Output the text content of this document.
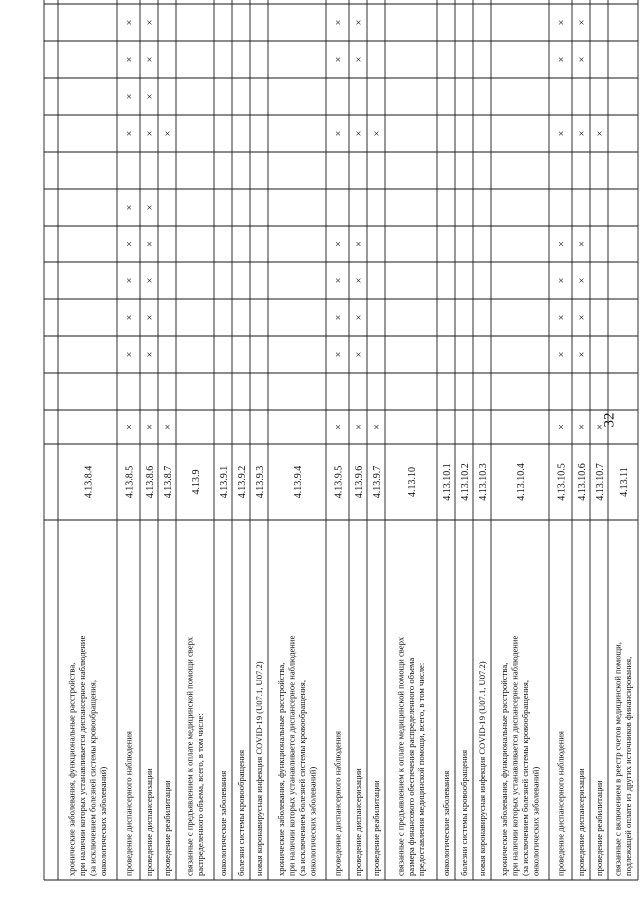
32
хронические заболевания, функциональные расстройства, при наличии которых устанавливается диспансерное наблюдение (за исключением болезней системы кровообращения, онкологических заболеваний)
4.13.8.4
проведение диспансерного наблюдения
4.13.8.5
×
×
×
×
×
×
×
×
×
×
проведение диспансеризации
4.13.8.6
×
×
×
×
×
×
×
×
×
×
проведение реабилитации
4.13.8.7
×
×
связанные с предъявлением к оплате медицинской помощи сверх распределенного объема, всего, в том числе:
4.13.9
онкологические заболевания
4.13.9.1
болезни системы кровообращения
4.13.9.2
новая коронавирусная инфекция COVID-19 (U07.1, U07.2)
4.13.9.3
хронические заболевания, функциональные расстройства, при наличии которых устанавливается диспансерное наблюдение (за исключением болезней системы кровообращения, онкологических заболеваний)
4.13.9.4
проведение диспансерного наблюдения
4.13.9.5
×
×
×
×
×
×
×
×
проведение диспансеризации
4.13.9.6
×
×
×
×
×
×
×
×
проведение реабилитации
4.13.9.7
×
×
связанные с предъявлением к оплате медицинской помощи сверх размера финансового обеспечения распределенного объема предоставления медицинской помощи, всего, в том числе:
4.13.10
онкологические заболевания
4.13.10.1
болезни системы кровообращения
4.13.10.2
новая коронавирусная инфекция COVID-19 (U07.1, U07.2)
4.13.10.3
хронические заболевания, функциональные расстройства, при наличии которых устанавливается диспансерное наблюдение (за исключением болезней системы кровообращения, онкологических заболеваний)
4.13.10.4
проведение диспансерного наблюдения
4.13.10.5
×
×
×
×
×
×
×
×
проведение диспансеризации
4.13.10.6
×
×
×
×
×
×
×
×
проведение реабилитации
4.13.10.7
×
×
связанные с включением в реестр счетов медицинской помощи, подлежащей оплате из других источников финансирования,
4.13.11
